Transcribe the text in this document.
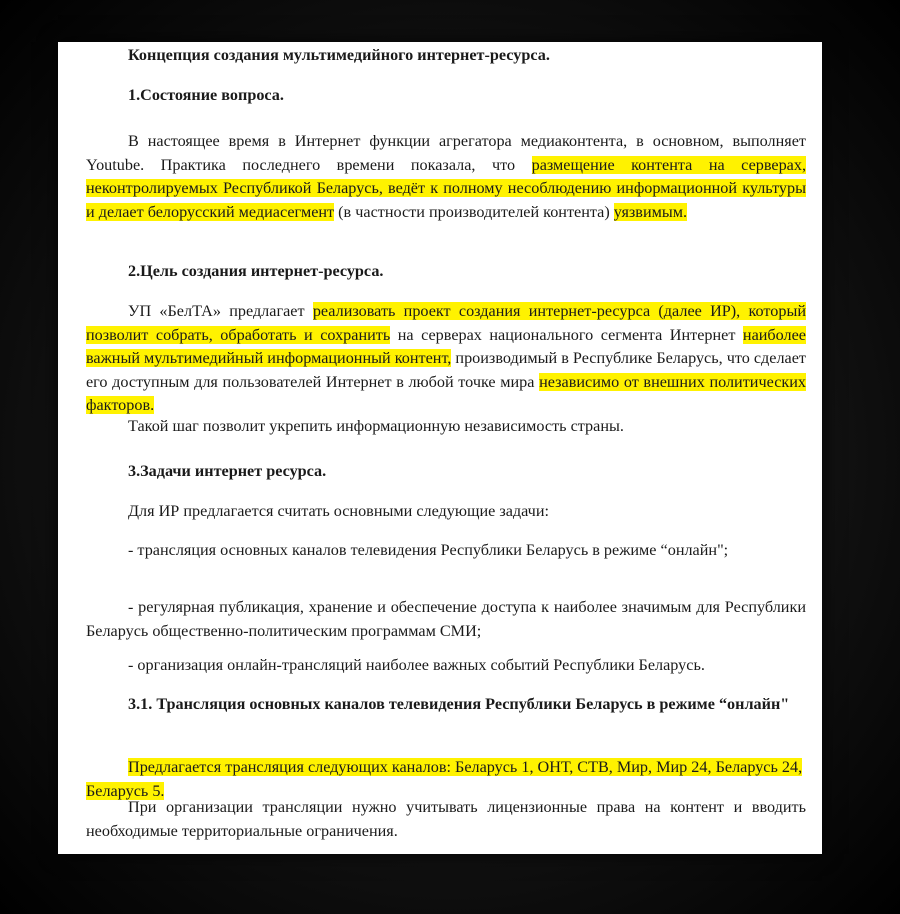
Концепция создания мультимедийного интернет-ресурса.

1.Состояние вопроса.

В настоящее время в Интернет функции агрегатора медиаконтента, в основном, выполняет Youtube. Практика последнего времени показала, что размещение контента на серверах, неконтролируемых Республикой Беларусь, ведёт к полному несоблюдению информационной культуры и делает белорусский медиасегмент (в частности производителей контента) уязвимым.

2.Цель создания интернет-ресурса.

УП «БелТА» предлагает реализовать проект создания интернет-ресурса (далее ИР), который позволит собрать, обработать и сохранить на серверах национального сегмента Интернет наиболее важный мультимедийный информационный контент, производимый в Республике Беларусь, что сделает его доступным для пользователей Интернет в любой точке мира независимо от внешних политических факторов.

Такой шаг позволит укрепить информационную независимость страны.

3.Задачи интернет ресурса.

Для ИР предлагается считать основными следующие задачи:

- трансляция основных каналов телевидения Республики Беларусь в режиме “онлайн";

- регулярная публикация, хранение и обеспечение доступа к наиболее значимым для Республики Беларусь общественно-политическим программам СМИ;

- организация онлайн-трансляций наиболее важных событий Республики Беларусь.

3.1. Трансляция основных каналов телевидения Республики Беларусь в режиме “онлайн"

Предлагается трансляция следующих каналов: Беларусь 1, ОНТ, СТВ, Мир, Мир 24, Беларусь 24, Беларусь 5.

При организации трансляции нужно учитывать лицензионные права на контент и вводить необходимые территориальные ограничения.
